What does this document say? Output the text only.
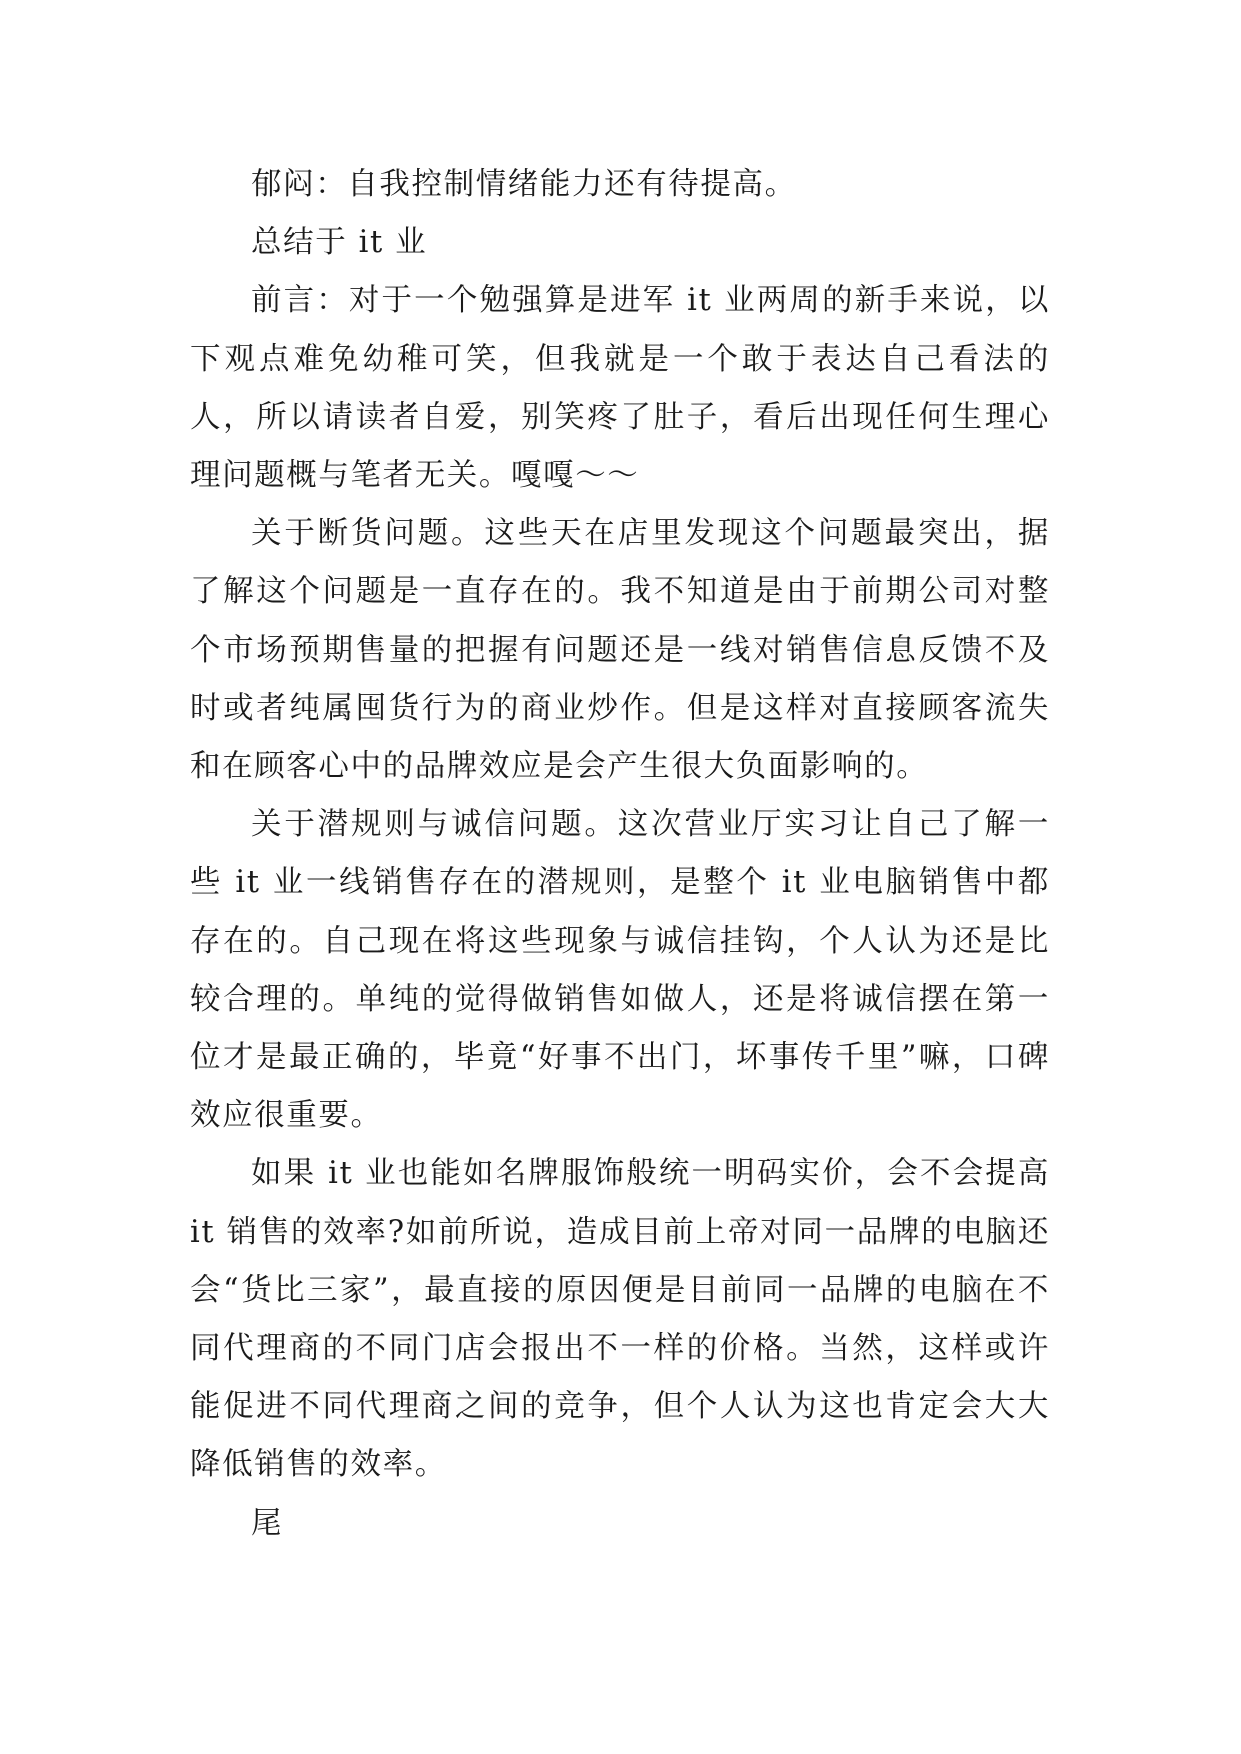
郁闷：自我控制情绪能力还有待提高。

总结于 it 业

前言：对于一个勉强算是进军 it 业两周的新手来说，以下观点难免幼稚可笑，但我就是一个敢于表达自己看法的人，所以请读者自爱，别笑疼了肚子，看后出现任何生理心理问题概与笔者无关。嘎嘎～～

关于断货问题。这些天在店里发现这个问题最突出，据了解这个问题是一直存在的。我不知道是由于前期公司对整个市场预期售量的把握有问题还是一线对销售信息反馈不及时或者纯属囤货行为的商业炒作。但是这样对直接顾客流失和在顾客心中的品牌效应是会产生很大负面影响的。

关于潜规则与诚信问题。这次营业厅实习让自己了解一些 it 业一线销售存在的潜规则，是整个 it 业电脑销售中都存在的。自己现在将这些现象与诚信挂钩，个人认为还是比较合理的。单纯的觉得做销售如做人，还是将诚信摆在第一位才是最正确的，毕竟“好事不出门，坏事传千里”嘛，口碑效应很重要。

如果 it 业也能如名牌服饰般统一明码实价，会不会提高 it 销售的效率?如前所说，造成目前上帝对同一品牌的电脑还会“货比三家”，最直接的原因便是目前同一品牌的电脑在不同代理商的不同门店会报出不一样的价格。当然，这样或许能促进不同代理商之间的竞争，但个人认为这也肯定会大大降低销售的效率。

尾
